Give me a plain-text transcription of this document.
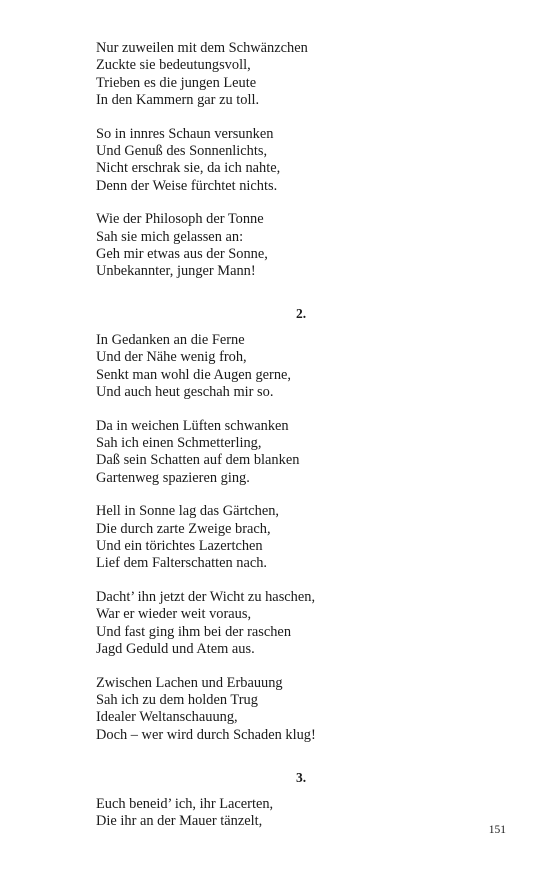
Nur zuweilen mit dem Schwänzchen
Zuckte sie bedeutungsvoll,
Trieben es die jungen Leute
In den Kammern gar zu toll.
So in innres Schaun versunken
Und Genuß des Sonnenlichts,
Nicht erschrak sie, da ich nahte,
Denn der Weise fürchtet nichts.
Wie der Philosoph der Tonne
Sah sie mich gelassen an:
Geh mir etwas aus der Sonne,
Unbekannter, junger Mann!
2.
In Gedanken an die Ferne
Und der Nähe wenig froh,
Senkt man wohl die Augen gerne,
Und auch heut geschah mir so.
Da in weichen Lüften schwanken
Sah ich einen Schmetterling,
Daß sein Schatten auf dem blanken
Gartenweg spazieren ging.
Hell in Sonne lag das Gärtchen,
Die durch zarte Zweige brach,
Und ein törichtes Lazertchen
Lief dem Falterschatten nach.
Dacht’ ihn jetzt der Wicht zu haschen,
War er wieder weit voraus,
Und fast ging ihm bei der raschen
Jagd Geduld und Atem aus.
Zwischen Lachen und Erbauung
Sah ich zu dem holden Trug
Idealer Weltanschauung,
Doch – wer wird durch Schaden klug!
3.
Euch beneid’ ich, ihr Lacerten,
Die ihr an der Mauer tänzelt,
151
